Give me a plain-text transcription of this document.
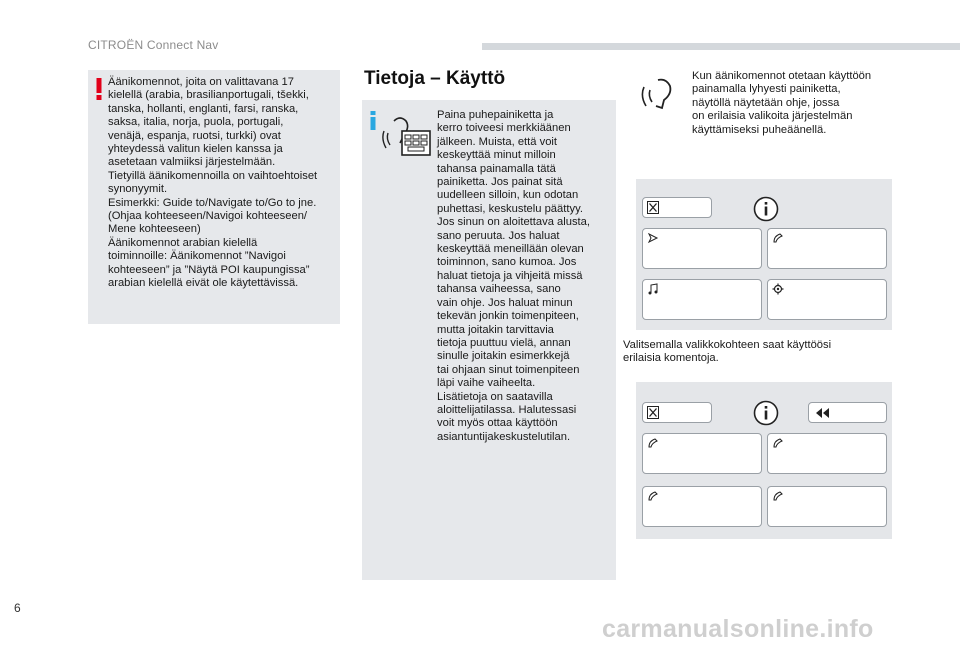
CITROËN Connect Nav
Äänikomennot, joita on valittavana 17
kielellä (arabia, brasilianportugali, tšekki,
tanska, hollanti, englanti, farsi, ranska,
saksa, italia, norja, puola, portugali,
venäjä, espanja, ruotsi, turkki) ovat
yhteydessä valitun kielen kanssa ja
asetetaan valmiiksi järjestelmään.
Tietyillä äänikomennoilla on vaihtoehtoiset
synonyymit.
Esimerkki: Guide to/Navigate to/Go to jne.
(Ohjaa kohteeseen/Navigoi kohteeseen/
Mene kohteeseen)
Äänikomennot arabian kielellä
toiminnoille: Äänikomennot ”Navigoi
kohteeseen” ja ”Näytä POI kaupungissa”
arabian kielellä eivät ole käytettävissä.
Tietoja – Käyttö
Paina puhepainiketta ja
kerro toiveesi merkkiäänen
jälkeen. Muista, että voit
keskeyttää minut milloin
tahansa painamalla tätä
painiketta. Jos painat sitä
uudelleen silloin, kun odotan
puhettasi, keskustelu päättyy.
Jos sinun on aloitettava alusta,
sano peruuta. Jos haluat
keskeyttää meneillään olevan
toiminnon, sano kumoa. Jos
haluat tietoja ja vihjeitä missä
tahansa vaiheessa, sano
vain ohje. Jos haluat minun
tekevän jonkin toimenpiteen,
mutta joitakin tarvittavia
tietoja puuttuu vielä, annan
sinulle joitakin esimerkkejä
tai ohjaan sinut toimenpiteen
läpi vaihe vaiheelta.
Lisätietoja on saatavilla
aloittelijatilassa. Halutessasi
voit myös ottaa käyttöön
asiantuntijakeskustelutilan.
Kun äänikomennot otetaan käyttöön
painamalla lyhyesti painiketta,
näytöllä näytetään ohje, jossa
on erilaisia valikoita järjestelmän
käyttämiseksi puheäänellä.
Valitsemalla valikkokohteen saat käyttöösi
erilaisia komentoja.
6
carmanualsonline.info
